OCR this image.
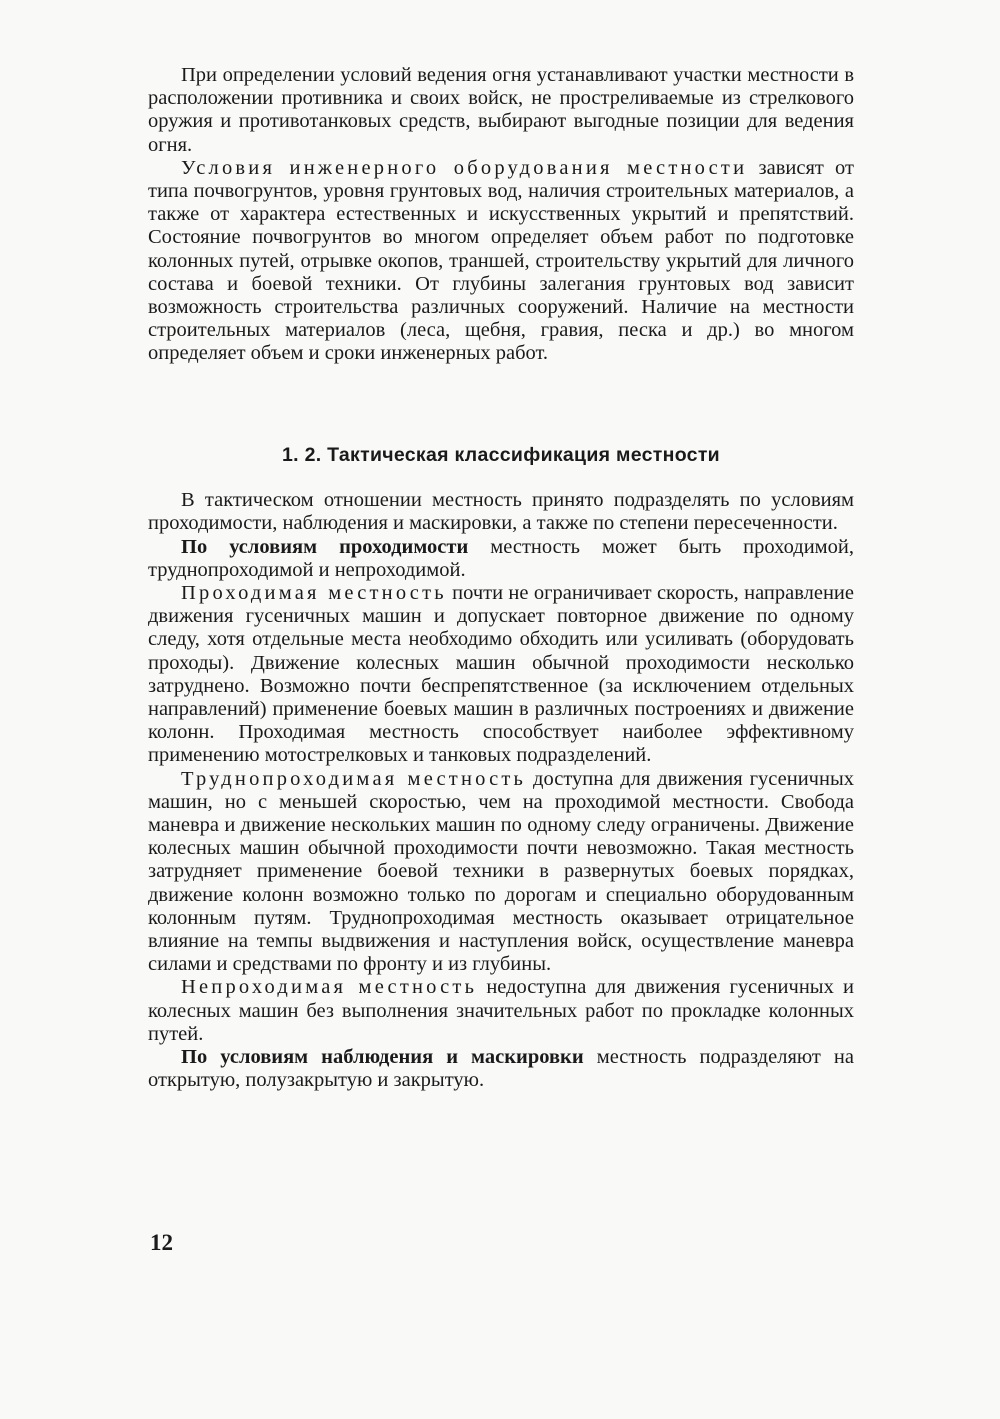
При определении условий ведения огня устанавливают участки местности в расположении противника и своих войск, не простреливаемые из стрелкового оружия и противотанковых средств, выбирают выгодные позиции для ведения огня.

Условия инженерного оборудования местности зависят от типа почвогрунтов, уровня грунтовых вод, наличия строительных материалов, а также от характера естественных и искусственных укрытий и препятствий. Состояние почвогрунтов во многом определяет объем работ по подготовке колонных путей, отрывке окопов, траншей, строительству укрытий для личного состава и боевой техники. От глубины залегания грунтовых вод зависит возможность строительства различных сооружений. Наличие на местности строительных материалов (леса, щебня, гравия, песка и др.) во многом определяет объем и сроки инженерных работ.

1. 2. Тактическая классификация местности

В тактическом отношении местность принято подразделять по условиям проходимости, наблюдения и маскировки, а также по степени пересеченности.

По условиям проходимости местность может быть проходимой, труднопроходимой и непроходимой.

Проходимая местность почти не ограничивает скорость, направление движения гусеничных машин и допускает повторное движение по одному следу, хотя отдельные места необходимо обходить или усиливать (оборудовать проходы). Движение колесных машин обычной проходимости несколько затруднено. Возможно почти беспрепятственное (за исключением отдельных направлений) применение боевых машин в различных построениях и движение колонн. Проходимая местность способствует наиболее эффективному применению мотострелковых и танковых подразделений.

Труднопроходимая местность доступна для движения гусеничных машин, но с меньшей скоростью, чем на проходимой местности. Свобода маневра и движение нескольких машин по одному следу ограничены. Движение колесных машин обычной проходимости почти невозможно. Такая местность затрудняет применение боевой техники в развернутых боевых порядках, движение колонн возможно только по дорогам и специально оборудованным колонным путям. Труднопроходимая местность оказывает отрицательное влияние на темпы выдвижения и наступления войск, осуществление маневра силами и средствами по фронту и из глубины.

Непроходимая местность недоступна для движения гусеничных и колесных машин без выполнения значительных работ по прокладке колонных путей.

По условиям наблюдения и маскировки местность подразделяют на открытую, полузакрытую и закрытую.

12
